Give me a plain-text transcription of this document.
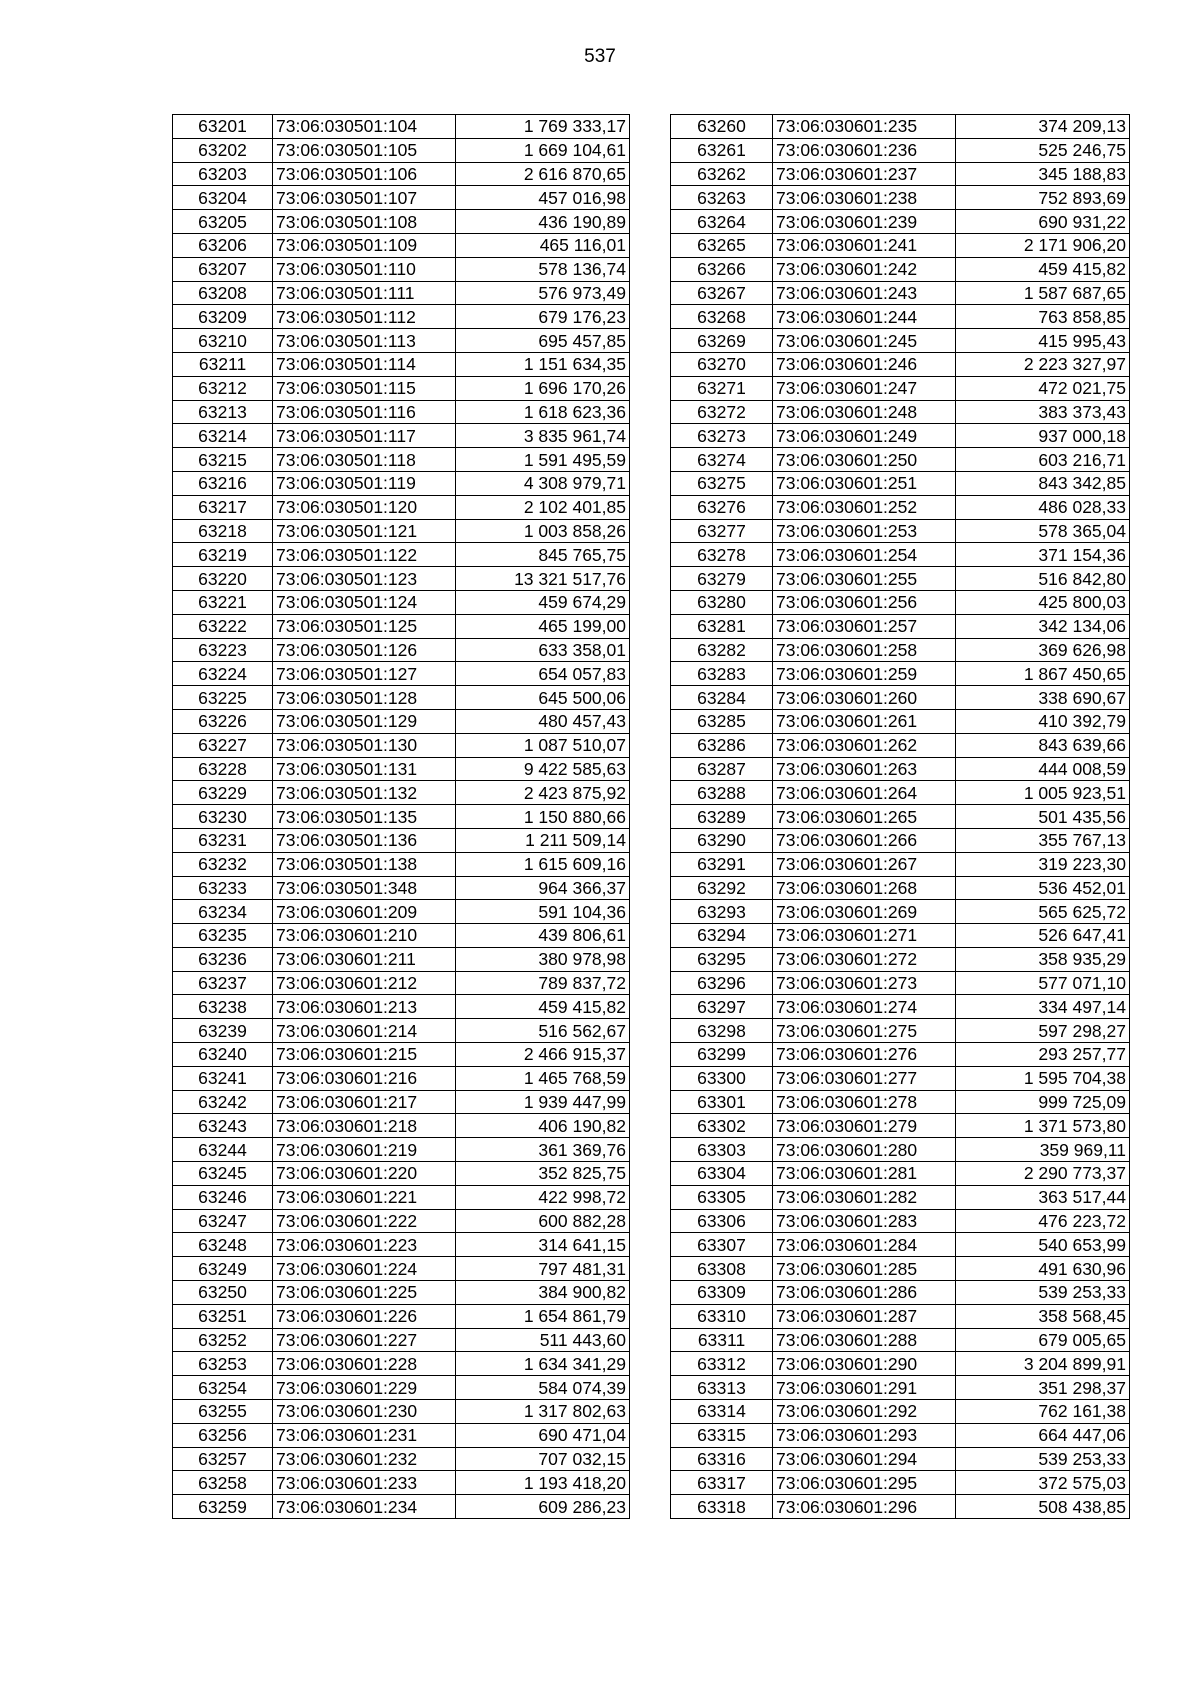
537
63201	73:06:030501:104	1 769 333,17
63202	73:06:030501:105	1 669 104,61
63203	73:06:030501:106	2 616 870,65
63204	73:06:030501:107	457 016,98
63205	73:06:030501:108	436 190,89
63206	73:06:030501:109	465 116,01
63207	73:06:030501:110	578 136,74
63208	73:06:030501:111	576 973,49
63209	73:06:030501:112	679 176,23
63210	73:06:030501:113	695 457,85
63211	73:06:030501:114	1 151 634,35
63212	73:06:030501:115	1 696 170,26
63213	73:06:030501:116	1 618 623,36
63214	73:06:030501:117	3 835 961,74
63215	73:06:030501:118	1 591 495,59
63216	73:06:030501:119	4 308 979,71
63217	73:06:030501:120	2 102 401,85
63218	73:06:030501:121	1 003 858,26
63219	73:06:030501:122	845 765,75
63220	73:06:030501:123	13 321 517,76
63221	73:06:030501:124	459 674,29
63222	73:06:030501:125	465 199,00
63223	73:06:030501:126	633 358,01
63224	73:06:030501:127	654 057,83
63225	73:06:030501:128	645 500,06
63226	73:06:030501:129	480 457,43
63227	73:06:030501:130	1 087 510,07
63228	73:06:030501:131	9 422 585,63
63229	73:06:030501:132	2 423 875,92
63230	73:06:030501:135	1 150 880,66
63231	73:06:030501:136	1 211 509,14
63232	73:06:030501:138	1 615 609,16
63233	73:06:030501:348	964 366,37
63234	73:06:030601:209	591 104,36
63235	73:06:030601:210	439 806,61
63236	73:06:030601:211	380 978,98
63237	73:06:030601:212	789 837,72
63238	73:06:030601:213	459 415,82
63239	73:06:030601:214	516 562,67
63240	73:06:030601:215	2 466 915,37
63241	73:06:030601:216	1 465 768,59
63242	73:06:030601:217	1 939 447,99
63243	73:06:030601:218	406 190,82
63244	73:06:030601:219	361 369,76
63245	73:06:030601:220	352 825,75
63246	73:06:030601:221	422 998,72
63247	73:06:030601:222	600 882,28
63248	73:06:030601:223	314 641,15
63249	73:06:030601:224	797 481,31
63250	73:06:030601:225	384 900,82
63251	73:06:030601:226	1 654 861,79
63252	73:06:030601:227	511 443,60
63253	73:06:030601:228	1 634 341,29
63254	73:06:030601:229	584 074,39
63255	73:06:030601:230	1 317 802,63
63256	73:06:030601:231	690 471,04
63257	73:06:030601:232	707 032,15
63258	73:06:030601:233	1 193 418,20
63259	73:06:030601:234	609 286,23
63260	73:06:030601:235	374 209,13
63261	73:06:030601:236	525 246,75
63262	73:06:030601:237	345 188,83
63263	73:06:030601:238	752 893,69
63264	73:06:030601:239	690 931,22
63265	73:06:030601:241	2 171 906,20
63266	73:06:030601:242	459 415,82
63267	73:06:030601:243	1 587 687,65
63268	73:06:030601:244	763 858,85
63269	73:06:030601:245	415 995,43
63270	73:06:030601:246	2 223 327,97
63271	73:06:030601:247	472 021,75
63272	73:06:030601:248	383 373,43
63273	73:06:030601:249	937 000,18
63274	73:06:030601:250	603 216,71
63275	73:06:030601:251	843 342,85
63276	73:06:030601:252	486 028,33
63277	73:06:030601:253	578 365,04
63278	73:06:030601:254	371 154,36
63279	73:06:030601:255	516 842,80
63280	73:06:030601:256	425 800,03
63281	73:06:030601:257	342 134,06
63282	73:06:030601:258	369 626,98
63283	73:06:030601:259	1 867 450,65
63284	73:06:030601:260	338 690,67
63285	73:06:030601:261	410 392,79
63286	73:06:030601:262	843 639,66
63287	73:06:030601:263	444 008,59
63288	73:06:030601:264	1 005 923,51
63289	73:06:030601:265	501 435,56
63290	73:06:030601:266	355 767,13
63291	73:06:030601:267	319 223,30
63292	73:06:030601:268	536 452,01
63293	73:06:030601:269	565 625,72
63294	73:06:030601:271	526 647,41
63295	73:06:030601:272	358 935,29
63296	73:06:030601:273	577 071,10
63297	73:06:030601:274	334 497,14
63298	73:06:030601:275	597 298,27
63299	73:06:030601:276	293 257,77
63300	73:06:030601:277	1 595 704,38
63301	73:06:030601:278	999 725,09
63302	73:06:030601:279	1 371 573,80
63303	73:06:030601:280	359 969,11
63304	73:06:030601:281	2 290 773,37
63305	73:06:030601:282	363 517,44
63306	73:06:030601:283	476 223,72
63307	73:06:030601:284	540 653,99
63308	73:06:030601:285	491 630,96
63309	73:06:030601:286	539 253,33
63310	73:06:030601:287	358 568,45
63311	73:06:030601:288	679 005,65
63312	73:06:030601:290	3 204 899,91
63313	73:06:030601:291	351 298,37
63314	73:06:030601:292	762 161,38
63315	73:06:030601:293	664 447,06
63316	73:06:030601:294	539 253,33
63317	73:06:030601:295	372 575,03
63318	73:06:030601:296	508 438,85
